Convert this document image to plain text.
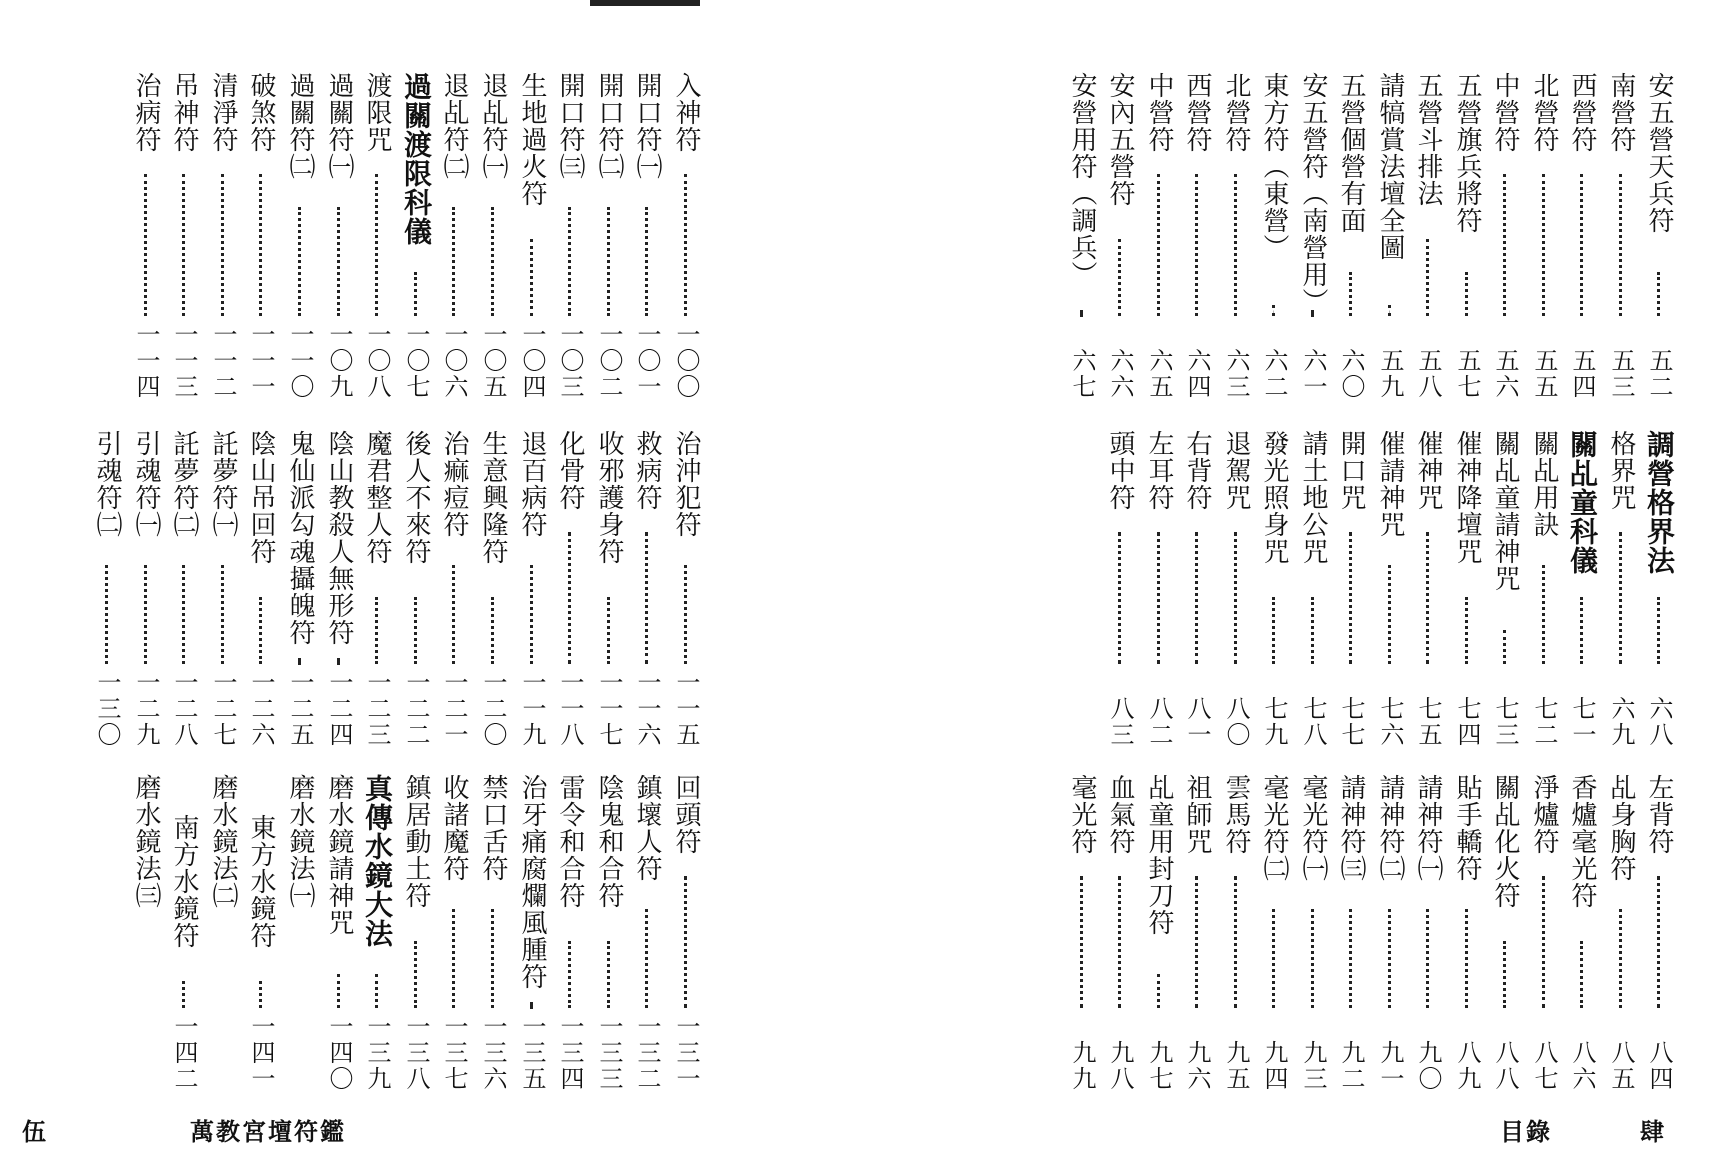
入神符
一〇〇
開口符㈠
一〇一
開口符㈡
一〇二
開口符㈢
一〇三
生地過火符
一〇四
退乩符㈠
一〇五
退乩符㈡
一〇六
過關渡限科儀
一〇七
渡限咒
一〇八
過關符㈠
一〇九
過關符㈡
一一〇
破煞符
一一一
清淨符
一一二
吊神符
一一三
治病符
一一四
治沖犯符
一一五
救病符
一一六
收邪護身符
一一七
化骨符
一一八
退百病符
一一九
生意興隆符
一二〇
治痲痘符
一二一
後人不來符
一二二
魔君整人符
一二三
陰山教殺人無形符
一二四
鬼仙派勾魂攝魄符
一二五
陰山吊回符
一二六
託夢符㈠
一二七
託夢符㈡
一二八
引魂符㈠
一二九
引魂符㈡
一三〇
回頭符
一三一
鎮壞人符
一三二
陰鬼和合符
一三三
雷令和合符
一三四
治牙痛腐爛風腫符
一三五
禁口舌符
一三六
收諸魔符
一三七
鎮居動土符
一三八
真傳水鏡大法
一三九
磨水鏡請神咒
一四〇
磨水鏡法㈠
東方水鏡符
一四一
磨水鏡法㈡
南方水鏡符
一四二
磨水鏡法㈢
伍	萬教宮壇符鑑
安五營天兵符
五二
南營符
五三
西營符
五四
北營符
五五
中營符
五六
五營旗兵將符
五七
五營斗排法
五八
請犒賞法壇全圖
五九
五營個營有面
六〇
安五營符（南營用）
六一
東方符（東營）
六二
北營符
六三
西營符
六四
中營符
六五
安內五營符
六六
安營用符（調兵）
六七
調營格界法
六八
格界咒
六九
關乩童科儀
七一
關乩用訣
七二
關乩童請神咒
七三
催神降壇咒
七四
催神咒
七五
催請神咒
七六
開口咒
七七
請土地公咒
七八
發光照身咒
七九
退駕咒
八〇
右背符
八一
左耳符
八二
頭中符
八三
左背符
八四
乩身胸符
八五
香爐毫光符
八六
淨爐符
八七
關乩化火符
八八
貼手轎符
八九
請神符㈠
九〇
請神符㈡
九一
請神符㈢
九二
毫光符㈠
九三
毫光符㈡
九四
雲馬符
九五
祖師咒
九六
乩童用封刀符
九七
血氣符
九八
毫光符
九九
目錄	肆
